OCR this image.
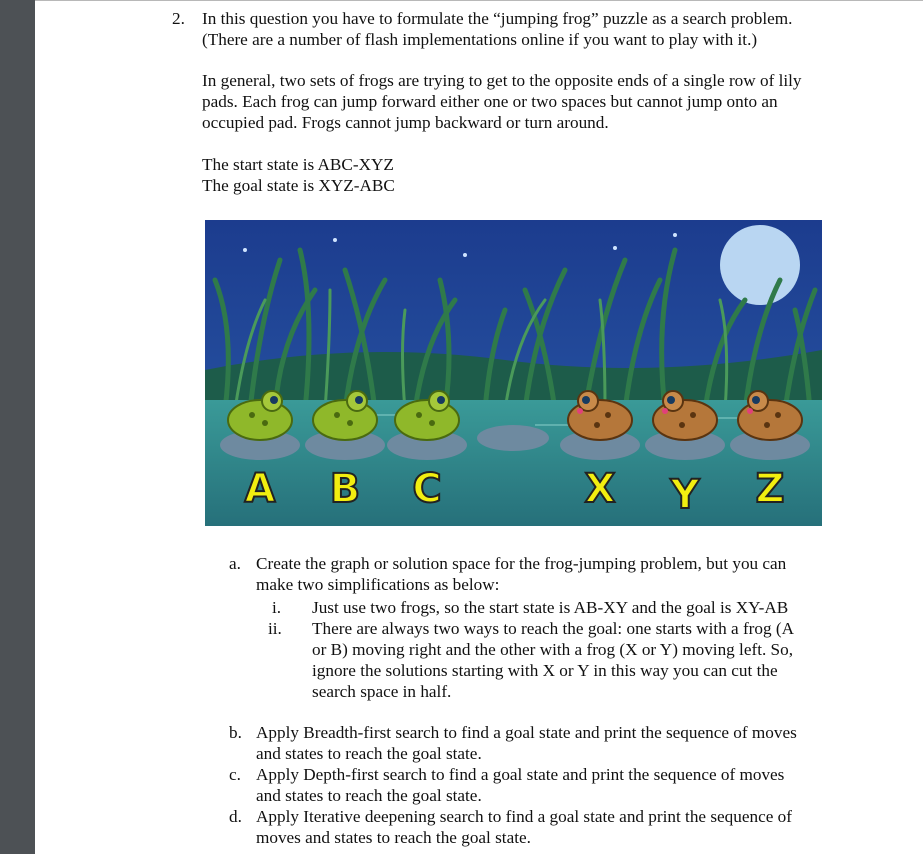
2. In this question you have to formulate the “jumping frog” puzzle as a search problem.
(There are a number of flash implementations online if you want to play with it.)
In general, two sets of frogs are trying to get to the opposite ends of a single row of lily
pads. Each frog can jump forward either one or two spaces but cannot jump onto an
occupied pad. Frogs cannot jump backward or turn around.
The start state is ABC-XYZ
The goal state is XYZ-ABC
A B C	X Y Z
a. Create the graph or solution space for the frog-jumping problem, but you can
make two simplifications as below:
i. Just use two frogs, so the start state is AB-XY and the goal is XY-AB
ii. There are always two ways to reach the goal: one starts with a frog (A
or B) moving right and the other with a frog (X or Y) moving left. So,
ignore the solutions starting with X or Y in this way you can cut the
search space in half.
b. Apply Breadth-first search to find a goal state and print the sequence of moves
and states to reach the goal state.
c. Apply Depth-first search to find a goal state and print the sequence of moves
and states to reach the goal state.
d. Apply Iterative deepening search to find a goal state and print the sequence of
moves and states to reach the goal state.
